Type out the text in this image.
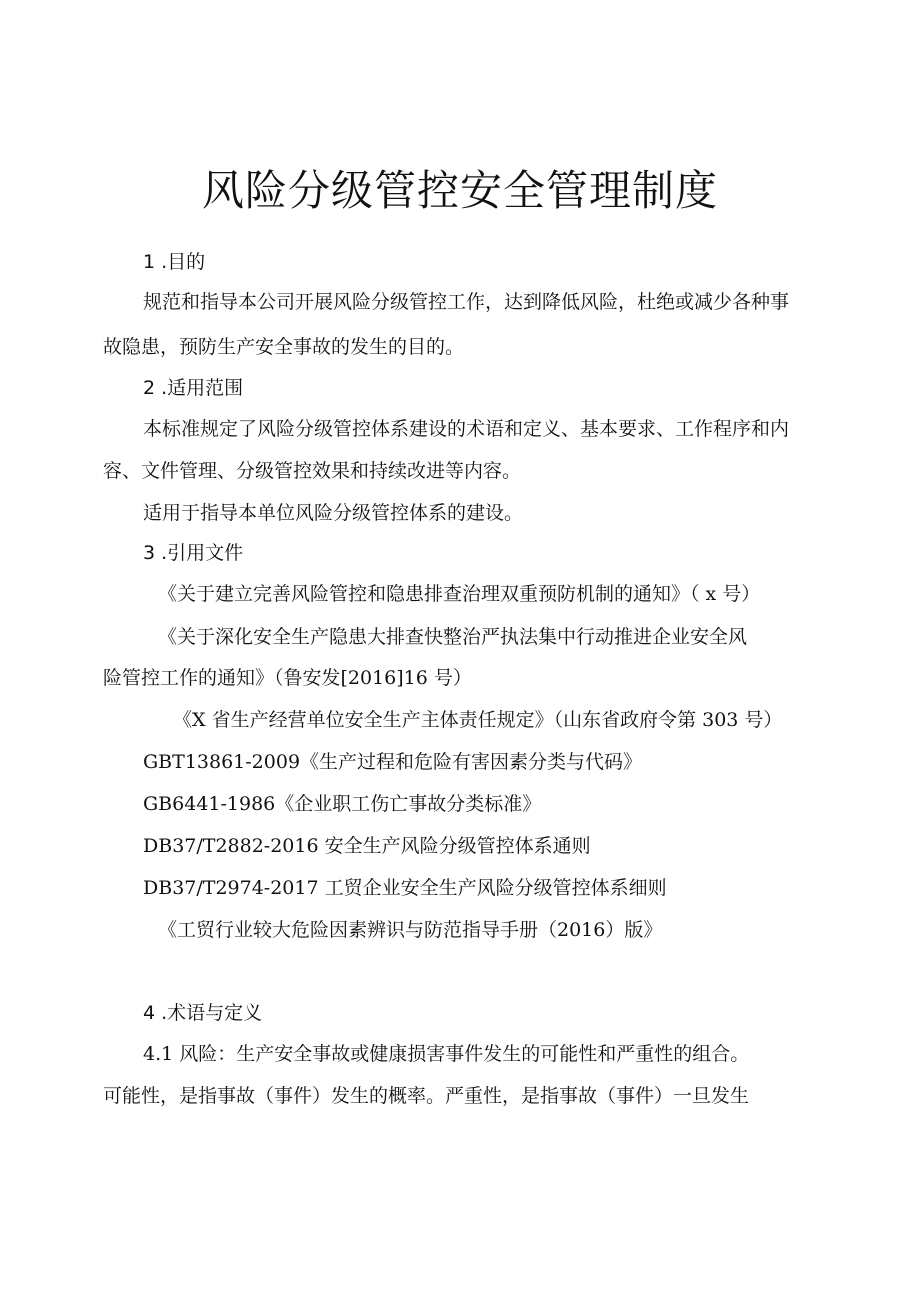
风险分级管控安全管理制度
1 .目的
规范和指导本公司开展风险分级管控工作，达到降低风险，杜绝或减少各种事
故隐患，预防生产安全事故的发生的目的。
2 .适用范围
本标准规定了风险分级管控体系建设的术语和定义、基本要求、工作程序和内
容、文件管理、分级管控效果和持续改进等内容。
适用于指导本单位风险分级管控体系的建设。
3 .引用文件
《关于建立完善风险管控和隐患排查治理双重预防机制的通知》（ x 号）
《关于深化安全生产隐患大排查快整治严执法集中行动推进企业安全风
险管控工作的通知》（鲁安发[2016]16 号）
《X 省生产经营单位安全生产主体责任规定》（山东省政府令第 303 号）
GBT13861-2009《生产过程和危险有害因素分类与代码》
GB6441-1986《企业职工伤亡事故分类标准》
DB37/T2882-2016 安全生产风险分级管控体系通则
DB37/T2974-2017 工贸企业安全生产风险分级管控体系细则
《工贸行业较大危险因素辨识与防范指导手册（2016）版》
4 .术语与定义
4.1 风险：生产安全事故或健康损害事件发生的可能性和严重性的组合。
可能性，是指事故（事件）发生的概率。严重性，是指事故（事件）一旦发生
